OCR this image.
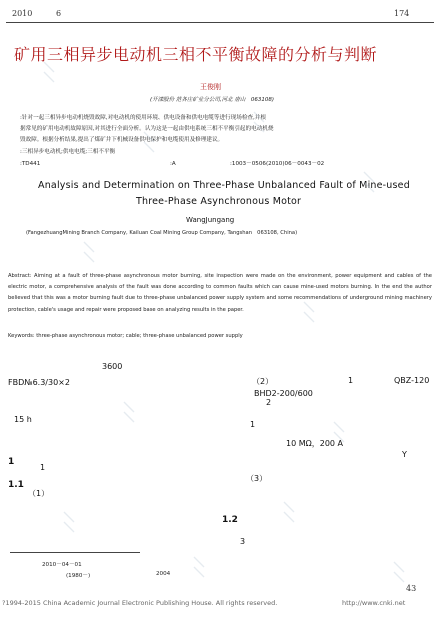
2010	6	174
矿用三相异步电动机三相不平衡故障的分析与判断
王俊刚
(开滦股份 范各庄矿业分公司,河北 唐山　063108)
:针对一起三相异步电动机烧毁故障,对电动机的使用环境、供电设备和供电电缆等进行现场检查,并根
据常见的矿用电动机故障原因,对其进行全面分析。认为这是一起由供电系统三相不平衡引起的电动机烧
毁故障。根据分析结果,提出了煤矿井下机械设备供电保护和电缆使用及修理建议。
:三相异步电动机;供电电缆;三相不平衡
:TD441	:A	:1003－0506(2010)06－0043－02
Analysis and Determination on Three-Phase Unbalanced Fault of Mine-used
Three-Phase Asynchronous Motor
WangJungang
(FangezhuangMining Branch Company, Kailuan Coal Mining Group Company, Tangshan　063108, China)
Abstract: Aiming at a fault of three-phase asynchronous motor burning, site inspection were made on the environment, power equipment and cables of the electric motor, a comprehensive analysis of the fault was done according to common faults which can cause mine-used motors burning. In the end the author believed that this was a motor burning fault due to three-phase unbalanced power supply system and some recommendations of underground mining machinery protection, cable's usage and repair were proposed base on analyzing results in the paper.
Keywords: three-phase asynchronous motor; cable; three-phase unbalanced power supply
3600
FBD№6.3/30×2
15 h
1
1.1
1
（1）
（2）	1	QBZ-120
2
BHD2-200/600
1
10 MΩ，200 A
Y
（3）
1.2
3
2010－04－01
(1980－)	2004
?1994-2015 China Academic Journal Electronic Publishing House. All rights reserved.	http://www.cnki.net
43
